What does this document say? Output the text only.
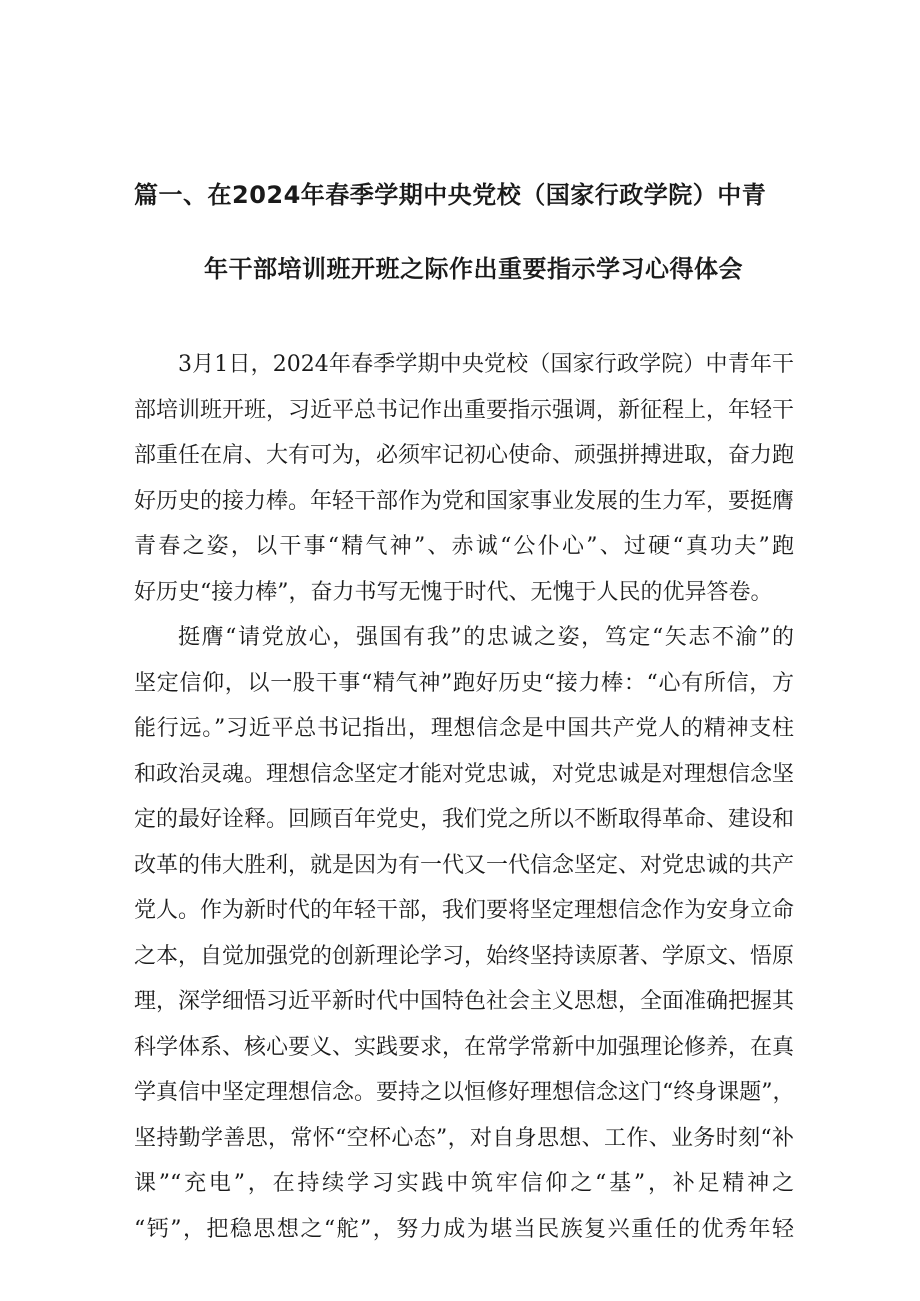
篇一、在2024年春季学期中央党校（国家行政学院）中青
年干部培训班开班之际作出重要指示学习心得体会
3月1日，2024年春季学期中央党校（国家行政学院）中青年干
部培训班开班，习近平总书记作出重要指示强调，新征程上，年轻干
部重任在肩、大有可为，必须牢记初心使命、顽强拼搏进取，奋力跑
好历史的接力棒。年轻干部作为党和国家事业发展的生力军，要挺膺
青春之姿，以干事“精气神”、赤诚“公仆心”、过硬“真功夫”跑
好历史“接力棒”，奋力书写无愧于时代、无愧于人民的优异答卷。
挺膺“请党放心，强国有我”的忠诚之姿，笃定“矢志不渝”的
坚定信仰，以一股干事“精气神”跑好历史“接力棒：“心有所信，方
能行远。”习近平总书记指出，理想信念是中国共产党人的精神支柱
和政治灵魂。理想信念坚定才能对党忠诚，对党忠诚是对理想信念坚
定的最好诠释。回顾百年党史，我们党之所以不断取得革命、建设和
改革的伟大胜利，就是因为有一代又一代信念坚定、对党忠诚的共产
党人。作为新时代的年轻干部，我们要将坚定理想信念作为安身立命
之本，自觉加强党的创新理论学习，始终坚持读原著、学原文、悟原
理，深学细悟习近平新时代中国特色社会主义思想，全面准确把握其
科学体系、核心要义、实践要求，在常学常新中加强理论修养，在真
学真信中坚定理想信念。要持之以恒修好理想信念这门“终身课题”，
坚持勤学善思，常怀“空杯心态”，对自身思想、工作、业务时刻“补
课”“充电”，在持续学习实践中筑牢信仰之“基”，补足精神之
“钙”，把稳思想之“舵”，努力成为堪当民族复兴重任的优秀年轻
